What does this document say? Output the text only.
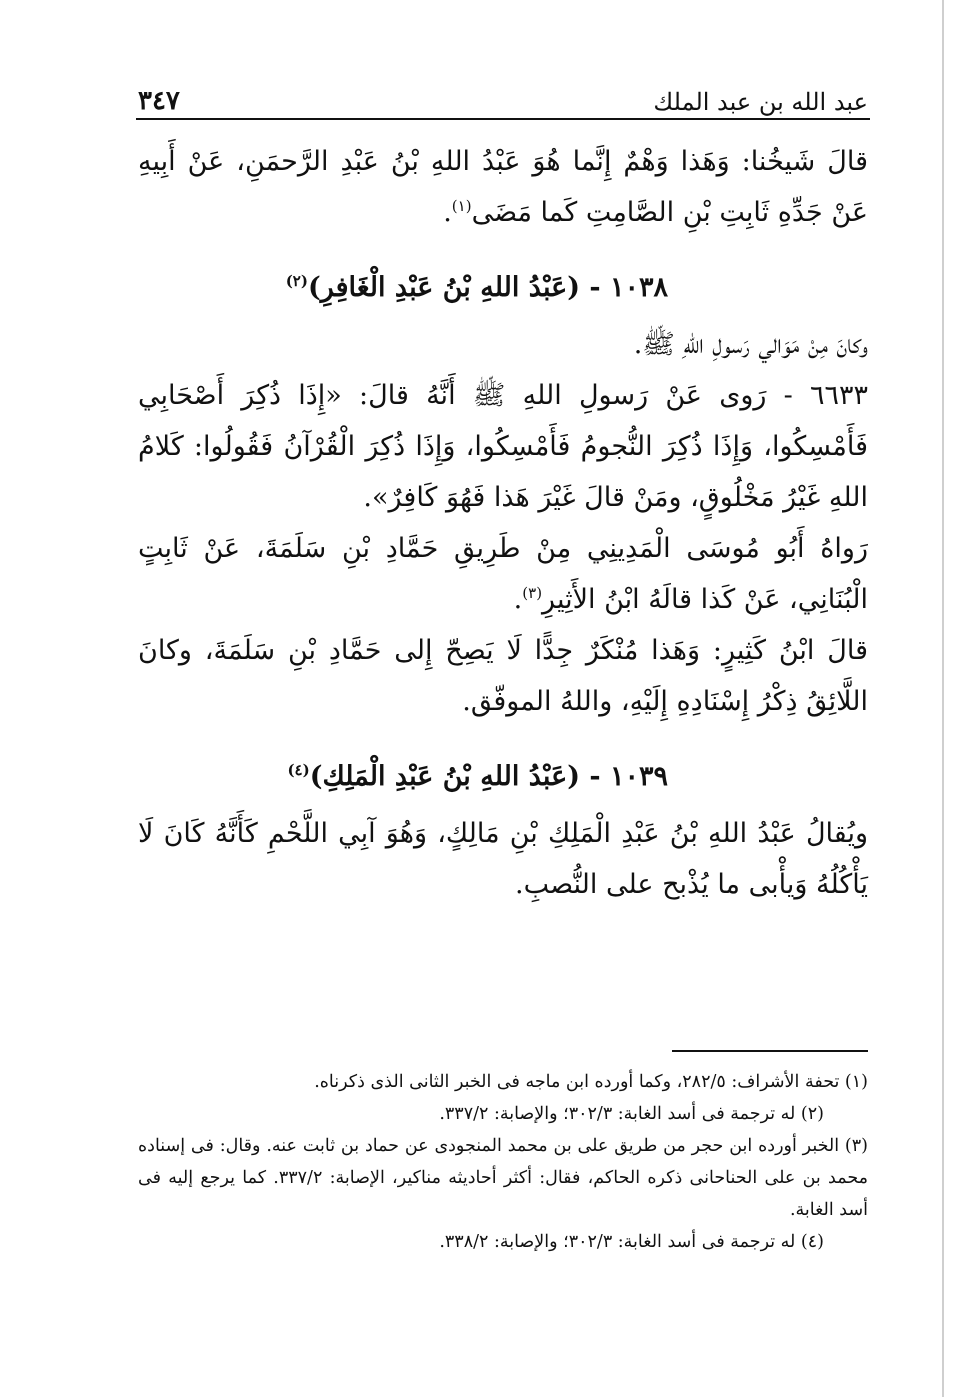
عبد الله بن عبد الملك
٣٤٧

قالَ شَيخُنا: وَهَذا وَهْمٌ إِنَّما هُوَ عَبْدُ اللهِ بْنُ عَبْدِ الرَّحمَنِ، عَنْ أَبِيهِ عَنْ جَدِّهِ ثَابِتِ بْنِ الصَّامِتِ كَما مَضَى$^{(١)}$.

١٠٣٨ - (عَبْدُ اللهِ بْنُ عَبْدِ الْغَافِرِ)$^{(٢)}$

وكانَ مِنْ مَوَالي رَسولِ اللهِ ﷺ.

٦٦٣٣ - رَوى عَنْ رَسولِ اللهِ ﷺ أَنَّهُ قالَ: «إِذَا ذُكِرَ أَصْحَابِي فَأَمْسِكُوا، وَإِذَا ذُكِرَ النُّجومُ فَأَمْسِكُوا، وَإِذَا ذُكِرَ الْقُرْآنُ فَقُولُوا: كَلامُ اللهِ غَيْرُ مَخْلُوقٍ، ومَنْ قالَ غَيْرَ هَذا فَهُوَ كَافِرٌ».

رَواهُ أَبُو مُوسَى الْمَدِينِي مِنْ طَرِيقِ حَمَّادِ بْنِ سَلَمَةَ، عَنْ ثَابِتٍ الْبُنَانِي، عَنْ كَذا قالَهُ ابْنُ الأَثِيرِ$^{(٣)}$.

قالَ ابْنُ كَثِيرٍ: وَهَذا مُنْكَرٌ جِدًّا لَا يَصِحّ إِلى حَمَّادِ بْنِ سَلَمَةَ، وكانَ اللَّائِقُ ذِكْرُ إِسْنَادِهِ إِلَيْهِ، واللهُ الموفّق.

١٠٣٩ - (عَبْدُ اللهِ بْنُ عَبْدِ الْمَلِكِ)$^{(٤)}$

ويُقالُ عَبْدُ اللهِ بْنُ عَبْدِ الْمَلِكِ بْنِ مَالِكٍ، وَهُوَ آبِي اللَّحْمِ كَأَنَّهُ كَانَ لَا يَأْكُلُهُ وَيأْبى ما يُذْبح على النُّصبِ.

(١) تحفة الأشراف: ٢٨٢/٥، وكما أورده ابن ماجه فى الخبر الثانى الذى ذكرناه.

(٢) له ترجمة فى أسد الغابة: ٣٠٢/٣؛ والإصابة: ٣٣٧/٢.

(٣) الخبر أورده ابن حجر من طريق على بن محمد المنجودى عن حماد بن ثابت عنه. وقال: فى إسناده محمد بن على الحناحانى ذكره الحاكم، فقال: أكثر أحاديثه مناكير، الإصابة: ٣٣٧/٢. كما يرجع إليه فى أسد الغابة.

(٤) له ترجمة فى أسد الغابة: ٣٠٢/٣؛ والإصابة: ٣٣٨/٢.
